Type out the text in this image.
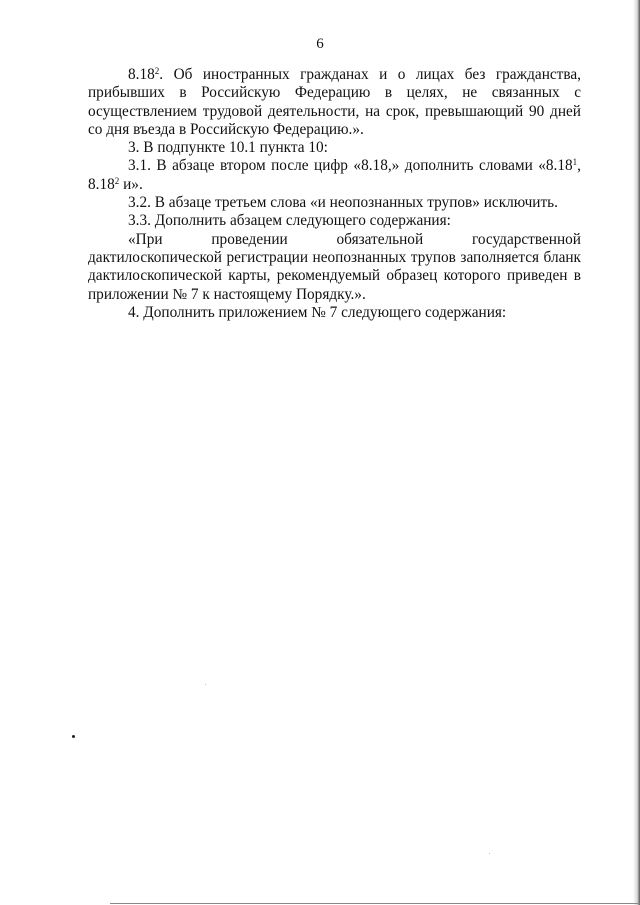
6

8.18$^2$. Об иностранных гражданах и о лицах без гражданства, прибывших в Российскую Федерацию в целях, не связанных с осуществлением трудовой деятельности, на срок, превышающий 90 дней со дня въезда в Российскую Федерацию.».

3. В подпункте 10.1 пункта 10:

3.1. В абзаце втором после цифр «8.18,» дополнить словами «8.18$^1$, 8.18$^2$ и».

3.2. В абзаце третьем слова «и неопознанных трупов» исключить.

3.3. Дополнить абзацем следующего содержания:

«При проведении обязательной государственной дактилоскопической регистрации неопознанных трупов заполняется бланк дактилоскопической карты, рекомендуемый образец которого приведен в приложении № 7 к настоящему Порядку.».

4. Дополнить приложением № 7 следующего содержания:
